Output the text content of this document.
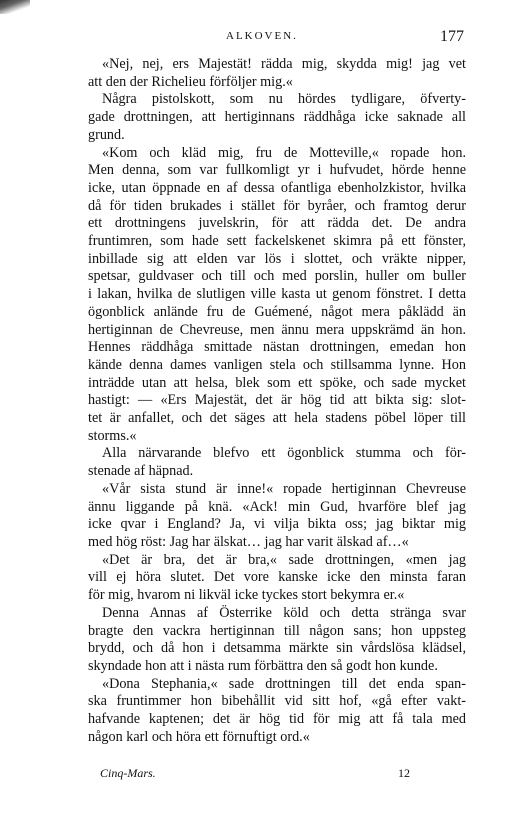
ALKOVEN.	177
«Nej, nej, ers Majestät! rädda mig, skydda mig! jag vet
att den der Richelieu förföljer mig.«
Några pistolskott, som nu hördes tydligare, öfverty-
gade drottningen, att hertiginnans räddhåga icke saknade all
grund.
«Kom och kläd mig, fru de Motteville,« ropade hon.
Men denna, som var fullkomligt yr i hufvudet, hörde henne
icke, utan öppnade en af dessa ofantliga ebenholzkistor, hvilka
då för tiden brukades i stället för byråer, och framtog derur
ett drottningens juvelskrin, för att rädda det. De andra
fruntimren, som hade sett fackelskenet skimra på ett fönster,
inbillade sig att elden var lös i slottet, och vräkte nipper,
spetsar, guldvaser och till och med porslin, huller om buller
i lakan, hvilka de slutligen ville kasta ut genom fönstret. I detta
ögonblick anlände fru de Guémené, något mera påklädd än
hertiginnan de Chevreuse, men ännu mera uppskrämd än hon.
Hennes räddhåga smittade nästan drottningen, emedan hon
kände denna dames vanligen stela och stillsamma lynne. Hon
inträdde utan att helsa, blek som ett spöke, och sade mycket
hastigt: — «Ers Majestät, det är hög tid att bikta sig: slot-
tet är anfallet, och det säges att hela stadens pöbel löper till
storms.«
Alla närvarande blefvo ett ögonblick stumma och för-
stenade af häpnad.
«Vår sista stund är inne!« ropade hertiginnan Chevreuse
ännu liggande på knä. «Ack! min Gud, hvarföre blef jag
icke qvar i England? Ja, vi vilja bikta oss; jag biktar mig
med hög röst: Jag har älskat… jag har varit älskad af…«
«Det är bra, det är bra,« sade drottningen, «men jag
vill ej höra slutet. Det vore kanske icke den minsta faran
för mig, hvarom ni likväl icke tyckes stort bekymra er.«
Denna Annas af Österrike köld och detta stränga svar
bragte den vackra hertiginnan till någon sans; hon uppsteg
brydd, och då hon i detsamma märkte sin vårdslösa klädsel,
skyndade hon att i nästa rum förbättra den så godt hon kunde.
«Dona Stephania,« sade drottningen till det enda span-
ska fruntimmer hon bibehållit vid sitt hof, «gå efter vakt-
hafvande kaptenen; det är hög tid för mig att få tala med
någon karl och höra ett förnuftigt ord.«
Cinq-Mars.	12
